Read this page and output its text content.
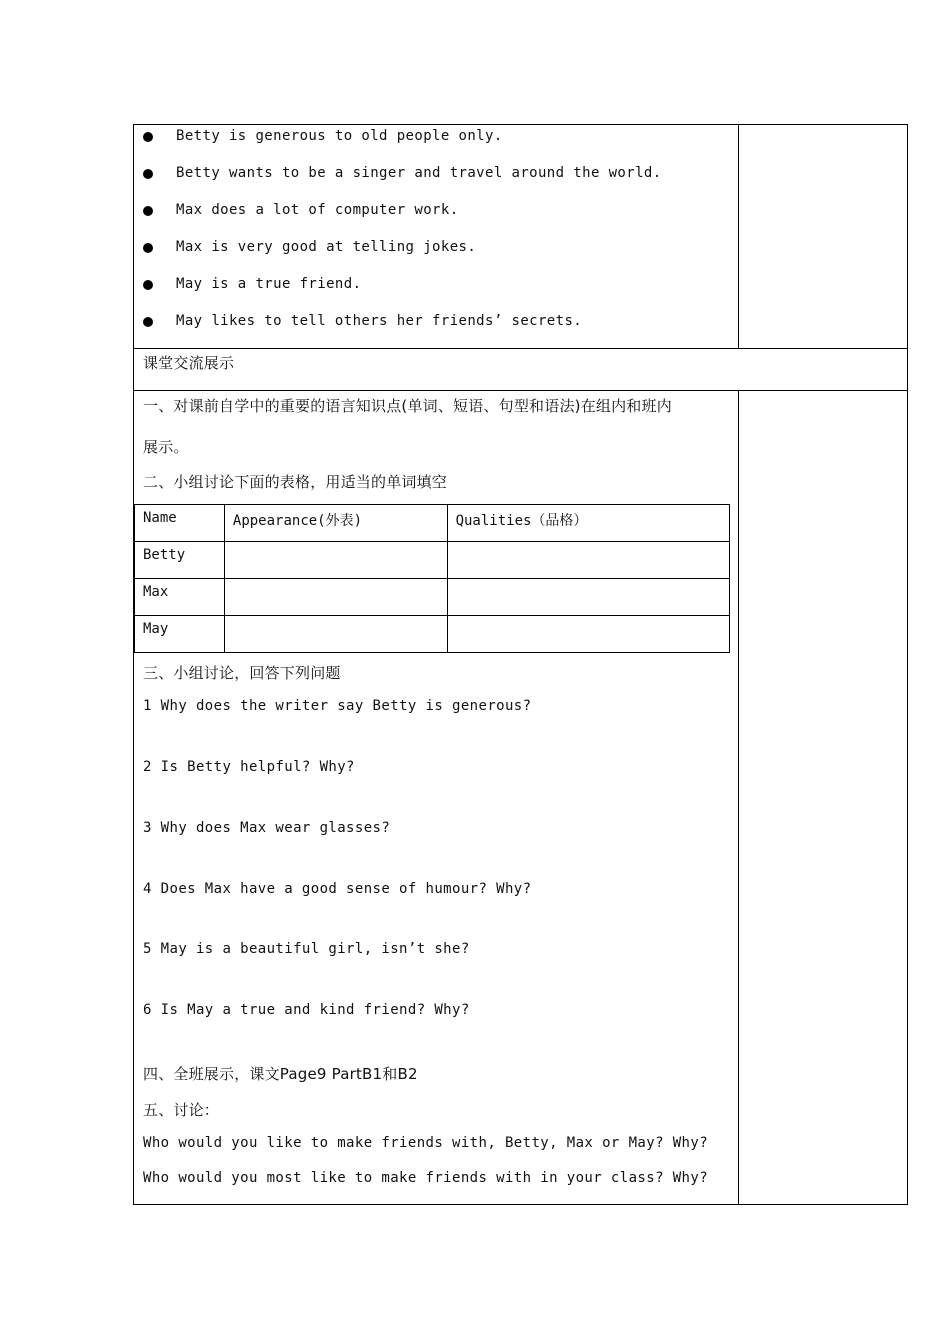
Betty is generous to old people only.
Betty wants to be a singer and travel around the world.
Max does a lot of computer work.
Max is very good at telling jokes.
May is a true friend.
May likes to tell others her friends’ secrets.
课堂交流展示
一、对课前自学中的重要的语言知识点(单词、短语、句型和语法)在组内和班内
展示。
二、小组讨论下面的表格，用适当的单词填空
Name	Appearance(外表)	Qualities（品格）
Betty		
Max		
May		
三、小组讨论，回答下列问题
1 Why does the writer say Betty is generous?
2 Is Betty helpful? Why?
3 Why does Max wear glasses?
4 Does Max have a good sense of humour? Why?
5 May is a beautiful girl, isn’t she?
6 Is May a true and kind friend? Why?
四、全班展示，课文Page9 PartB1和B2
五、讨论：
Who would you like to make friends with, Betty, Max or May? Why?
Who would you most like to make friends with in your class? Why?
